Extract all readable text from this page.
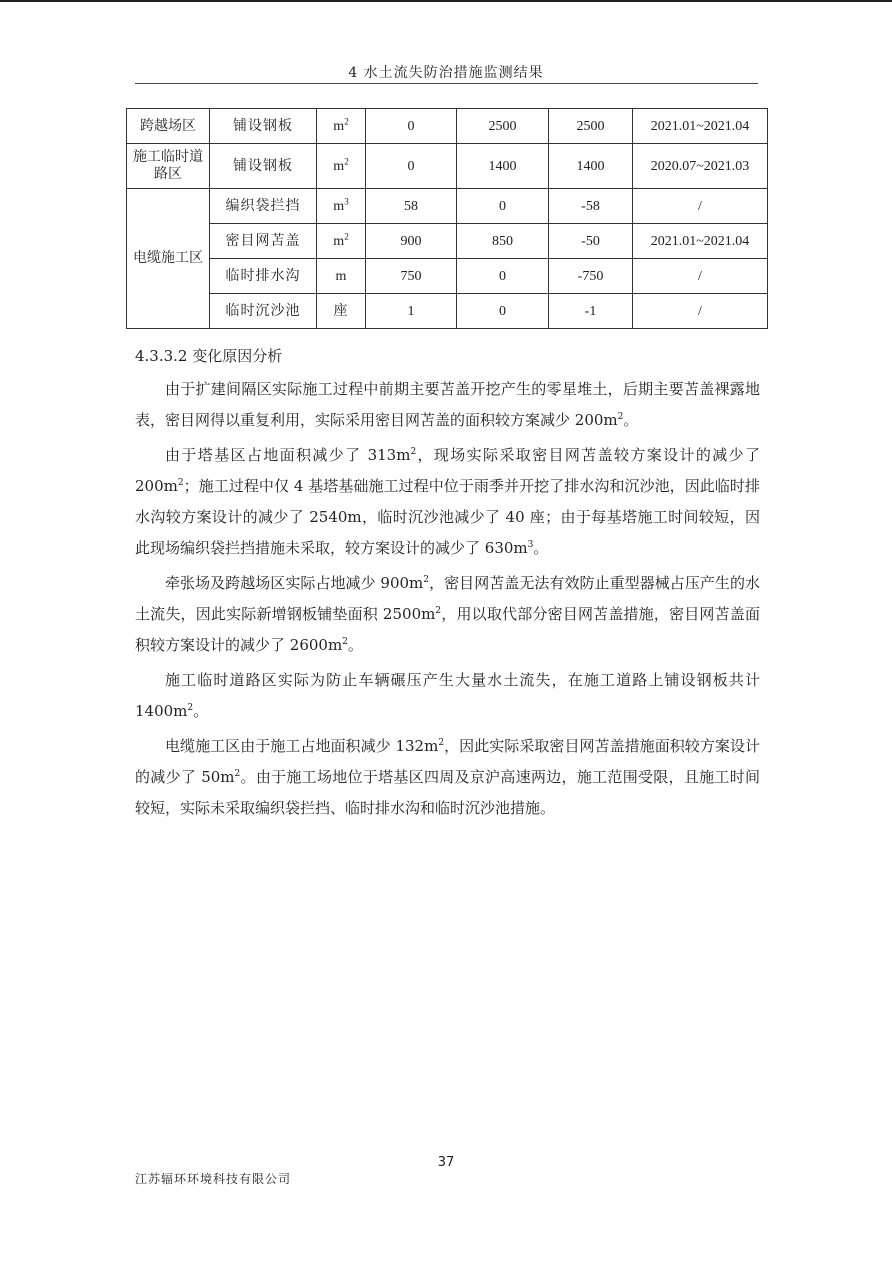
4 水土流失防治措施监测结果
跨越场区	铺设钢板	$m^2$	0	2500	2500	2021.01~2021.04
施工临时道路区	铺设钢板	$m^2$	0	1400	1400	2020.07~2021.03
电缆施工区	编织袋拦挡	$m^3$	58	0	-58	/
	密目网苫盖	$m^2$	900	850	-50	2021.01~2021.04
	临时排水沟	m	750	0	-750	/
	临时沉沙池	座	1	0	-1	/
4.3.3.2 变化原因分析

由于扩建间隔区实际施工过程中前期主要苫盖开挖产生的零星堆土，后期主要苫盖裸露地表，密目网得以重复利用，实际采用密目网苫盖的面积较方案减少 $200m^2$。

由于塔基区占地面积减少了 $313m^2$，现场实际采取密目网苫盖较方案设计的减少了 $200m^2$；施工过程中仅 4 基塔基础施工过程中位于雨季并开挖了排水沟和沉沙池，因此临时排水沟较方案设计的减少了 2540m，临时沉沙池减少了 40 座；由于每基塔施工时间较短，因此现场编织袋拦挡措施未采取，较方案设计的减少了 $630m^3$。

牵张场及跨越场区实际占地减少 $900m^2$，密目网苫盖无法有效防止重型器械占压产生的水土流失，因此实际新增钢板铺垫面积 $2500m^2$，用以取代部分密目网苫盖措施，密目网苫盖面积较方案设计的减少了 $2600m^2$。

施工临时道路区实际为防止车辆碾压产生大量水土流失，在施工道路上铺设钢板共计 $1400m^2$。

电缆施工区由于施工占地面积减少 $132m^2$，因此实际采取密目网苫盖措施面积较方案设计的减少了 $50m^2$。由于施工场地位于塔基区四周及京沪高速两边，施工范围受限，且施工时间较短，实际未采取编织袋拦挡、临时排水沟和临时沉沙池措施。

37
江苏辐环环境科技有限公司
